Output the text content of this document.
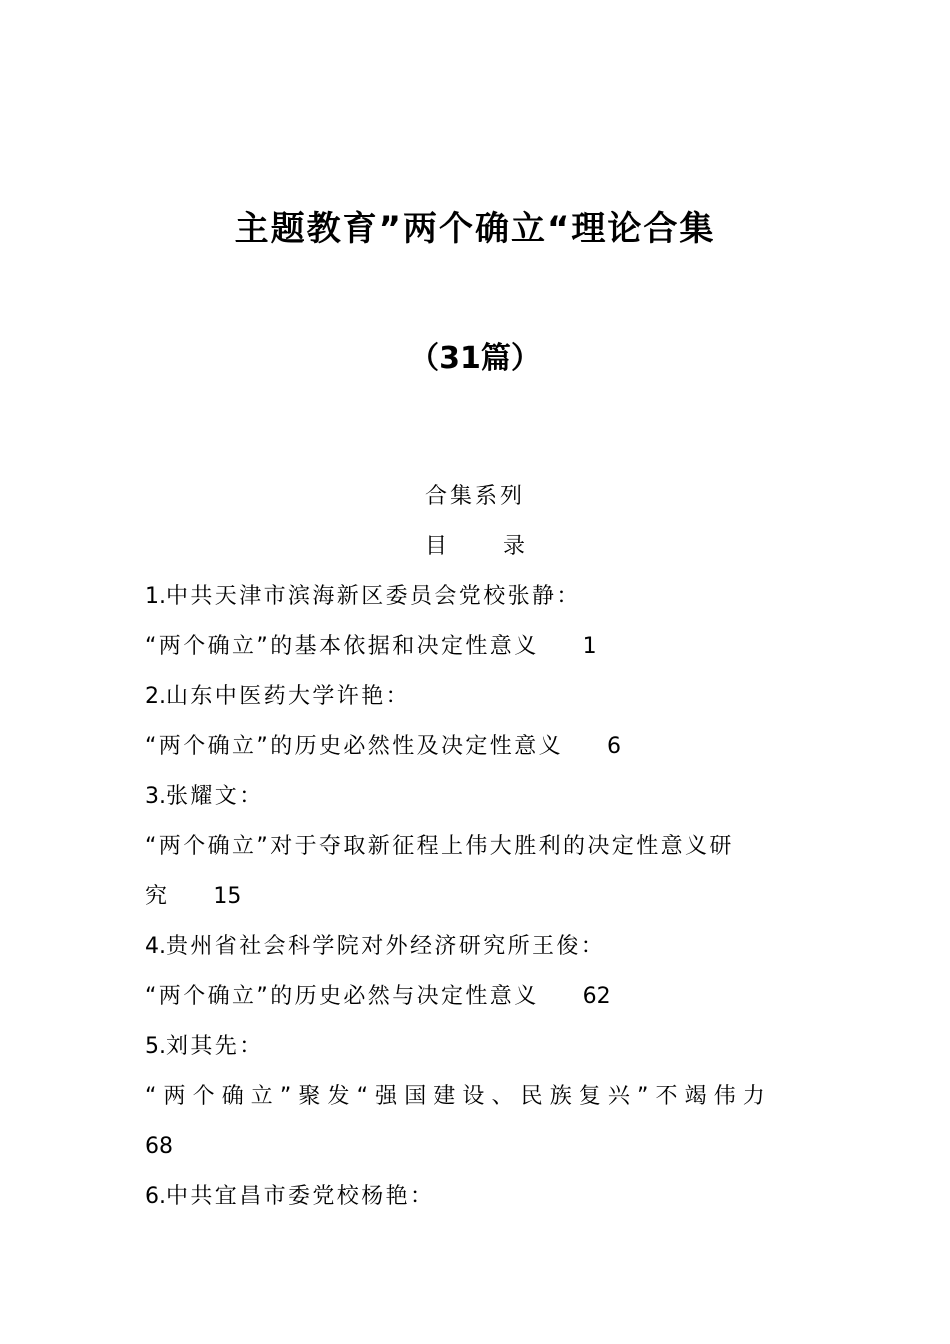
主题教育”两个确立“理论合集
（31篇）
合集系列
目	录
1.中共天津市滨海新区委员会党校张静：
“两个确立”的基本依据和决定性意义 1
2.山东中医药大学许艳：
“两个确立”的历史必然性及决定性意义 6
3.张耀文：
“两个确立”对于夺取新征程上伟大胜利的决定性意义研
究 15
4.贵州省社会科学院对外经济研究所王俊：
“两个确立”的历史必然与决定性意义 62
5.刘其先：
“两个确立”聚发“强国建设、民族复兴”不竭伟力
68
6.中共宜昌市委党校杨艳：
